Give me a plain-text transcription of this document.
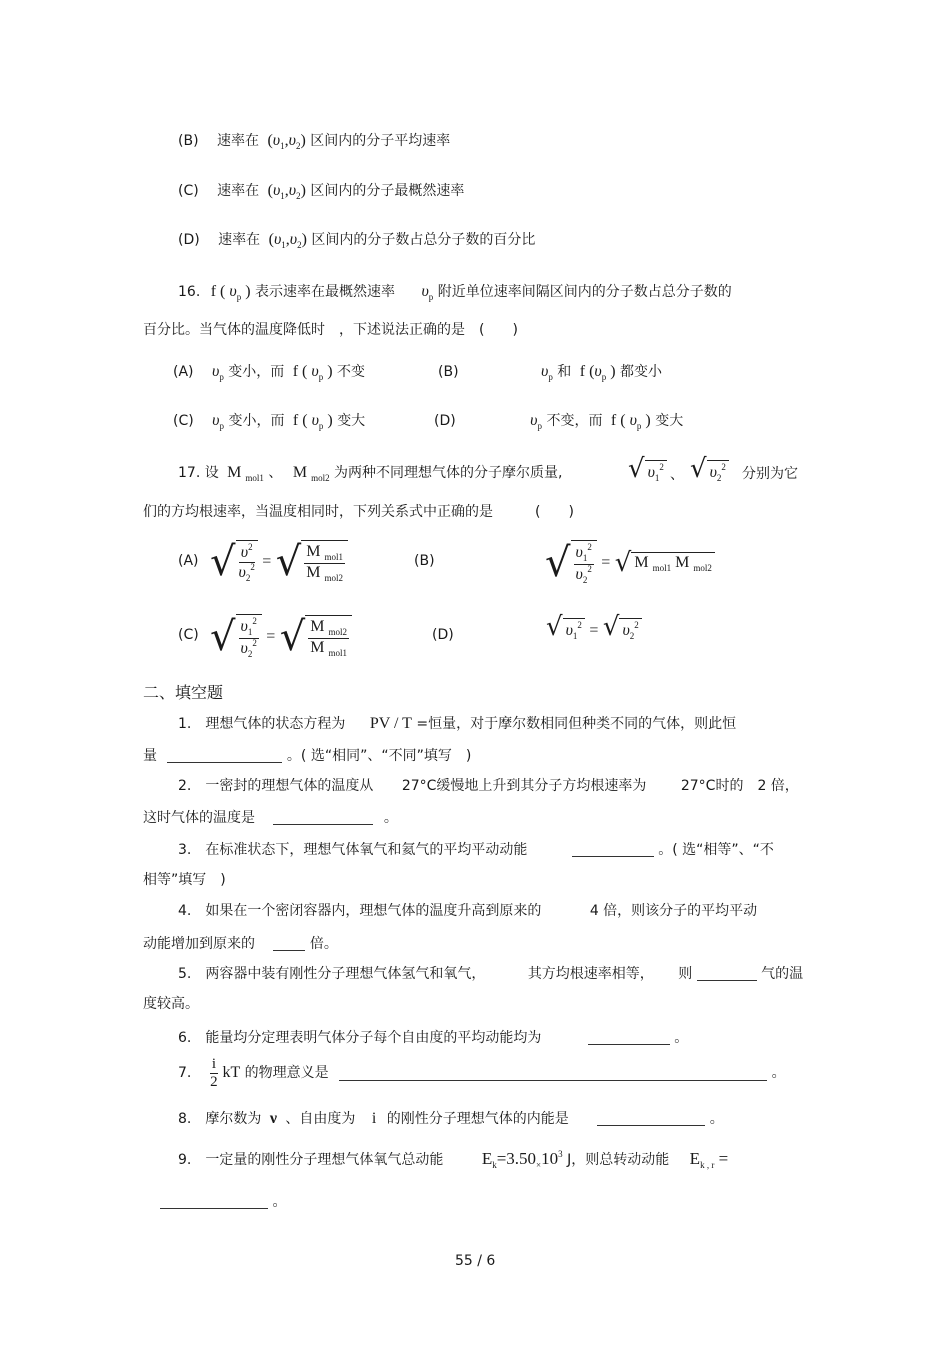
(B) 速率在 $(\upsilon_1,\upsilon_2)$ 区间内的分子平均速率
(C) 速率在 $(\upsilon_1,\upsilon_2)$ 区间内的分子最概然速率
(D) 速率在 $(\upsilon_1,\upsilon_2)$ 区间内的分子数占总分子数的百分比
16. f ( $\upsilon_p$ ) 表示速率在最概然速率 $\upsilon_p$ 附近单位速率间隔区间内的分子数占总分子数的
百分比。当气体的温度降低时　，下述说法正确的是　(　　)
(A) $\upsilon_p$ 变小，而 f ( $\upsilon_p$ ) 不变	(B)	$\upsilon_p$ 和 f ($\upsilon_p$ ) 都变小
(C) $\upsilon_p$ 变小，而 f ( $\upsilon_p$ ) 变大	(D)	$\upsilon_p$ 不变，而 f ( $\upsilon_p$ ) 变大
17. 设 M $_{mol1}$ 、 M $_{mol2}$ 为两种不同理想气体的分子摩尔质量,	√ $\upsilon_1^2$ 、 √ $\upsilon_2^2$ 分别为它
们的方均根速率，当温度相同时，下列关系式中正确的是　　　(　　)
(A) √ $\frac{\upsilon^2}{\upsilon_2^2}$ = √ $\frac{M _{mol1}}{M _{mol2}}$	(B)	√ $\frac{\upsilon_1^2}{\upsilon_2^2}$ = √ M $_{mol1}$ M $_{mol2}$
(C) √ $\frac{\upsilon_1^2}{\upsilon_2^2}$ = √ $\frac{M _{mol2}}{M _{mol1}}$	(D)	√ $\upsilon_1^2$ = √ $\upsilon_2^2$
二、填空题
1.　理想气体的状态方程为 PV / T =恒量，对于摩尔数相同但种类不同的气体，则此恒
量	。( 选“相同”、“不同”填写　)
2.　一密封的理想气体的温度从 27°C缓慢地上升到其分子方均根速率为 27°C时的　2 倍，
这时气体的温度是	。
3.　在标准状态下，理想气体氧气和氦气的平均平动动能	。( 选“相等”、“不
相等”填写　)
4.　如果在一个密闭容器内，理想气体的温度升高到原来的	4 倍，则该分子的平均平动
动能增加到原来的	倍。
5.　两容器中装有刚性分子理想气体氢气和氧气，	其方均根速率相等， 则	气的温
度较高。
6.　能量均分定理表明气体分子每个自由度的平均动能均为	。
7. $\frac{i}{2}$ kT 的物理意义是	。
8.　摩尔数为 ν 、自由度为 i 的刚性分子理想气体的内能是	。
9.　一定量的刚性分子理想气体氧气总动能 $E_k=3.50_\times 10^3$ J，则总转动动能 $E_{k , r}$ =
。
55 / 6
